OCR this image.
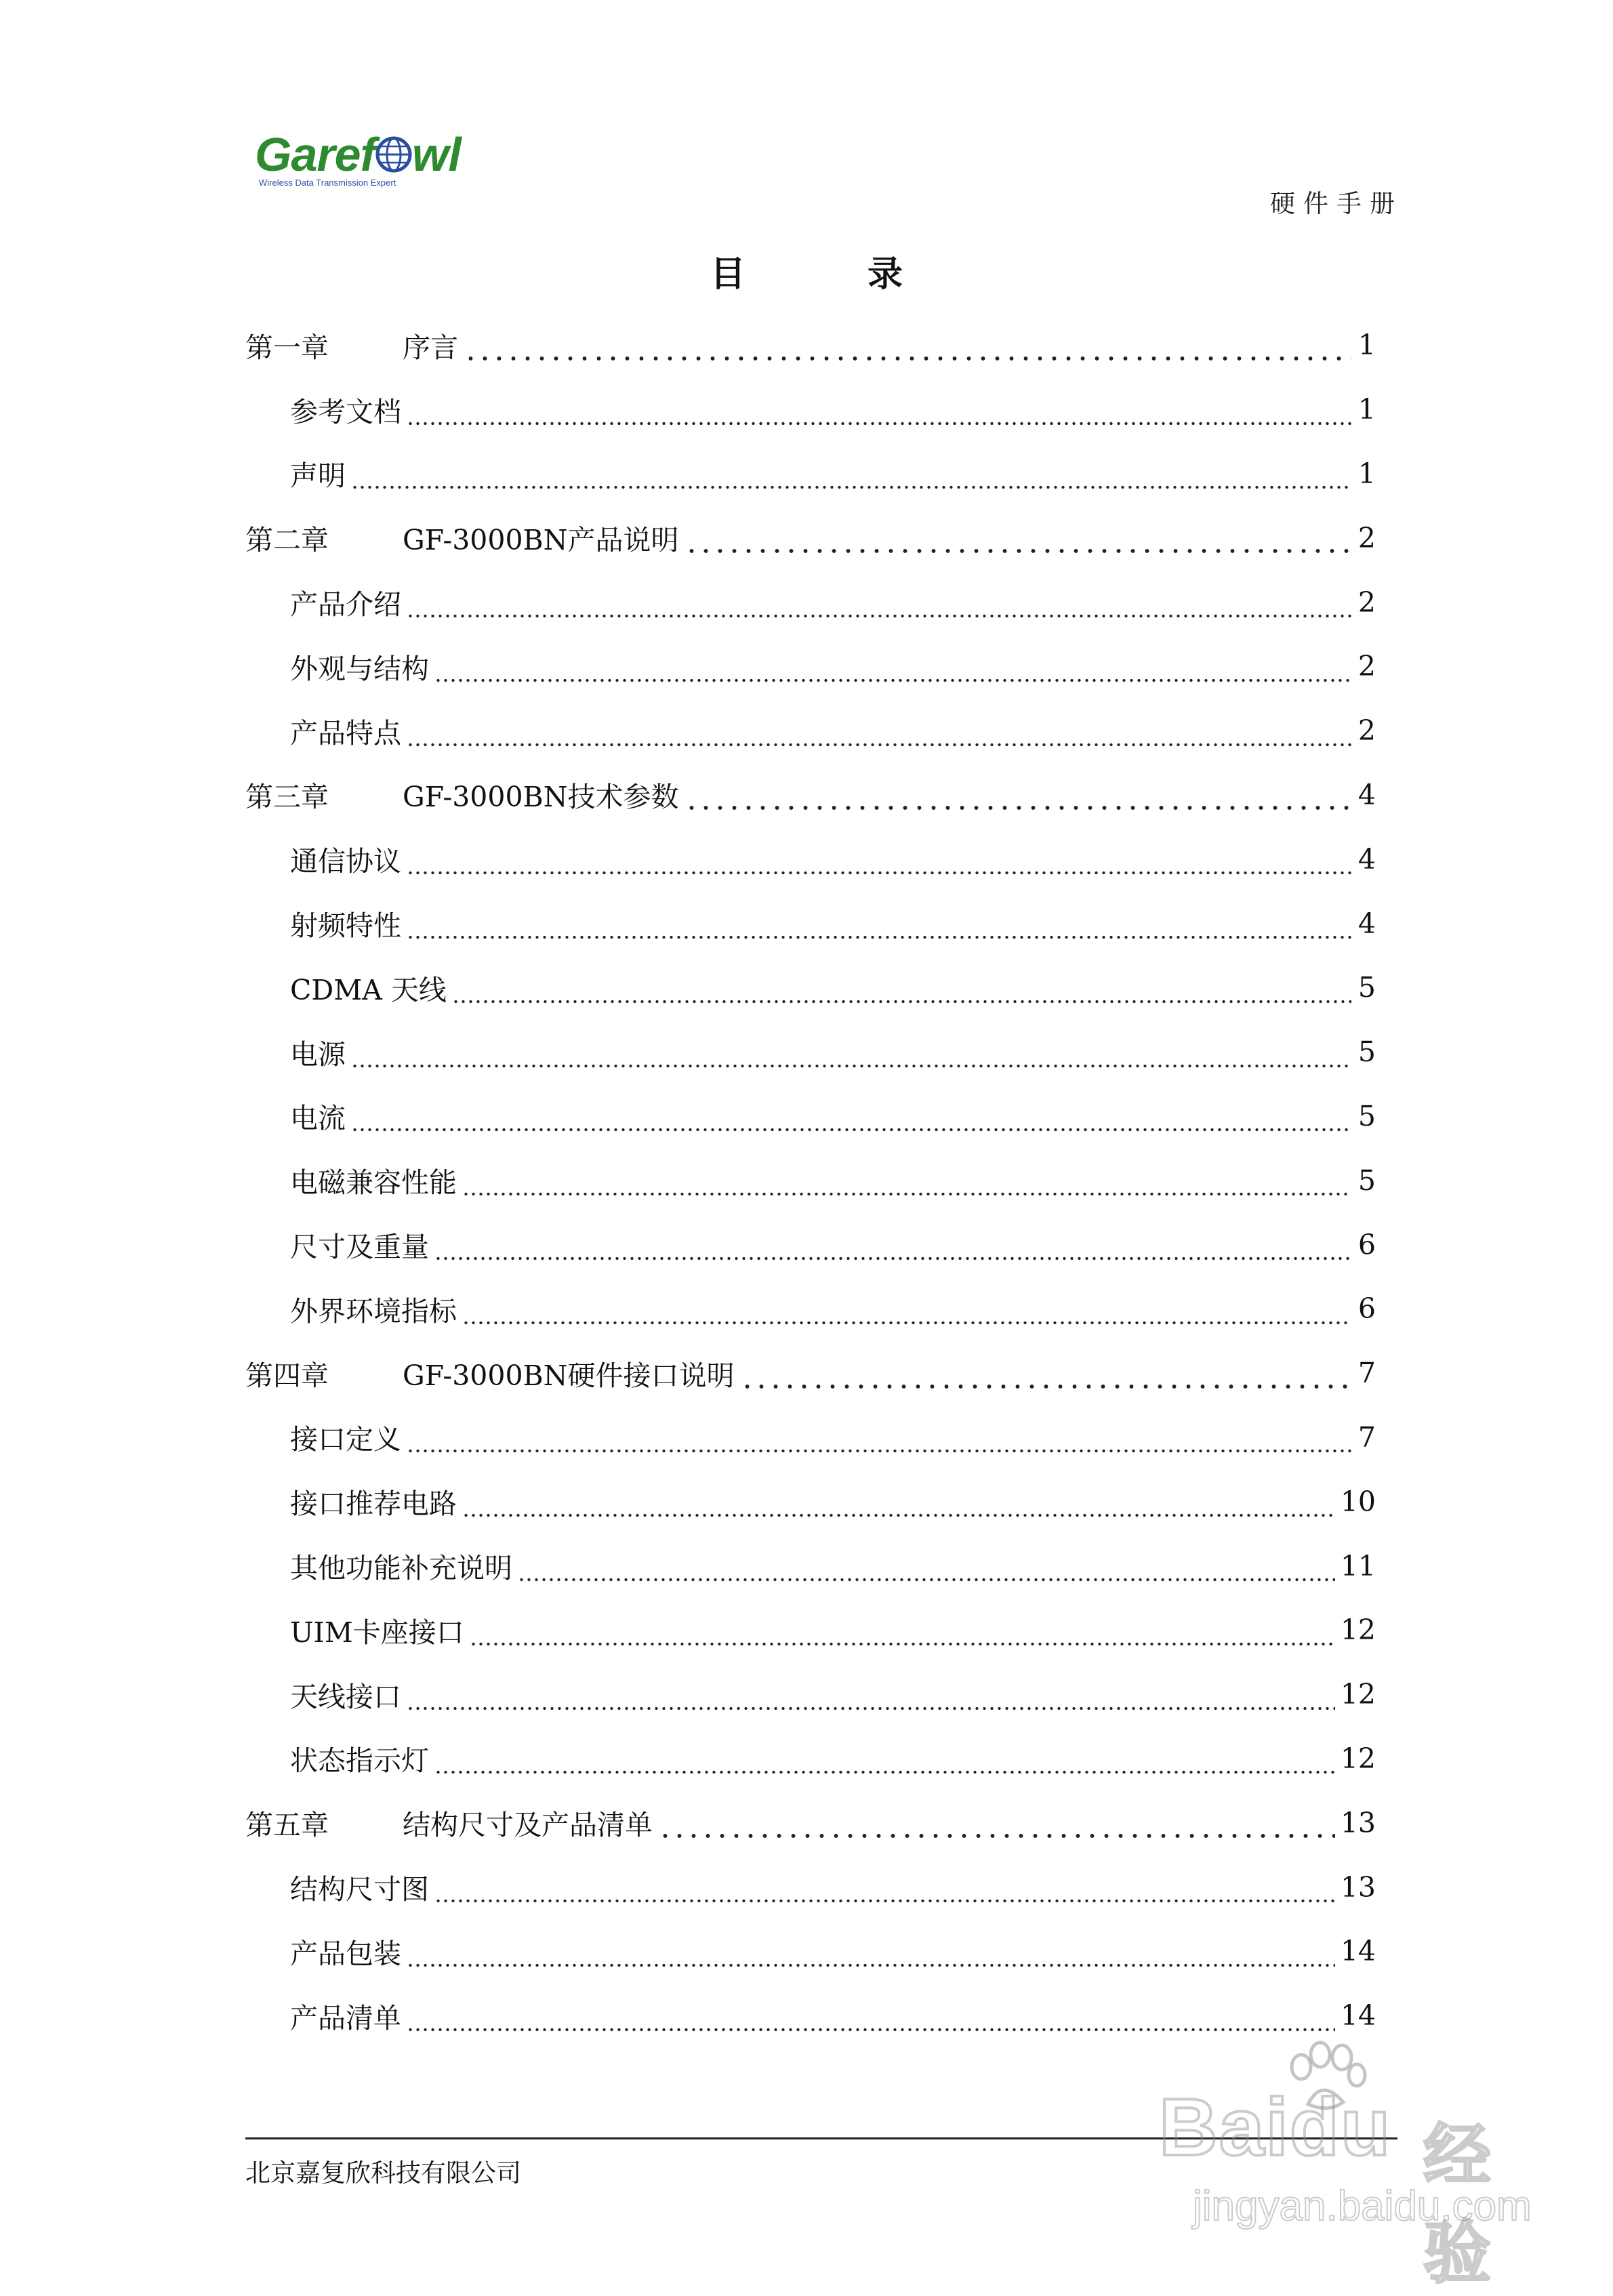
Garef wl
Wireless Data Transmission Expert
硬件手册
目录
第一章	序言	1
参考文档	1
声明	1
第二章	GF-3000BN产品说明	2
产品介绍	2
外观与结构	2
产品特点	2
第三章	GF-3000BN技术参数	4
通信协议	4
射频特性	4
CDMA 天线	5
电源	5
电流	5
电磁兼容性能	5
尺寸及重量	6
外界环境指标	6
第四章	GF-3000BN硬件接口说明	7
接口定义	7
接口推荐电路	10
其他功能补充说明	11
UIM卡座接口	12
天线接口	12
状态指示灯	12
第五章	结构尺寸及产品清单	13
结构尺寸图	13
产品包装	14
产品清单	14
北京嘉复欣科技有限公司
Baidu 经验
jingyan.baidu.com
